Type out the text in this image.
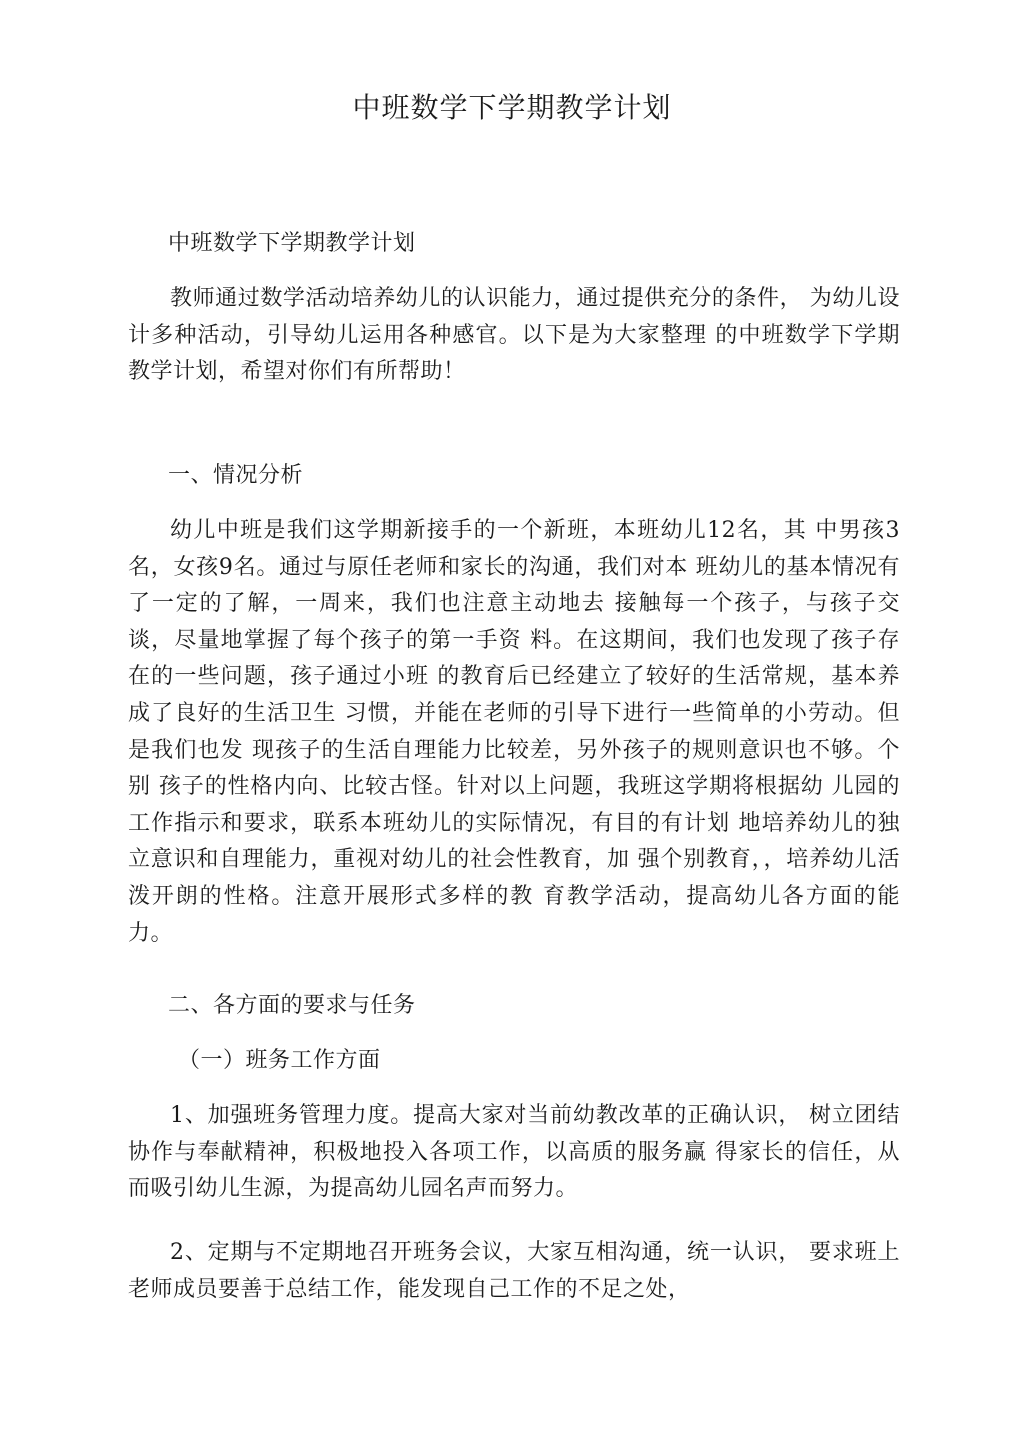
中班数学下学期教学计划

中班数学下学期教学计划

教师通过数学活动培养幼儿的认识能力，通过提供充分的条件， 为幼儿设计多种活动，引导幼儿运用各种感官。以下是为大家整理 的中班数学下学期教学计划，希望对你们有所帮助！

一、情况分析

幼儿中班是我们这学期新接手的一个新班，本班幼儿12名，其 中男孩3名，女孩9名。通过与原任老师和家长的沟通，我们对本 班幼儿的基本情况有了一定的了解，一周来，我们也注意主动地去 接触每一个孩子，与孩子交谈，尽量地掌握了每个孩子的第一手资 料。在这期间，我们也发现了孩子存在的一些问题，孩子通过小班 的教育后已经建立了较好的生活常规，基本养成了良好的生活卫生 习惯，并能在老师的引导下进行一些简单的小劳动。但是我们也发 现孩子的生活自理能力比较差，另外孩子的规则意识也不够。个别 孩子的性格内向、比较古怪。针对以上问题，我班这学期将根据幼 儿园的工作指示和要求，联系本班幼儿的实际情况，有目的有计划 地培养幼儿的独立意识和自理能力，重视对幼儿的社会性教育，加 强个别教育，，培养幼儿活泼开朗的性格。注意开展形式多样的教 育教学活动，提高幼儿各方面的能力。

二、各方面的要求与任务

（一）班务工作方面

1、加强班务管理力度。提高大家对当前幼教改革的正确认识， 树立团结协作与奉献精神，积极地投入各项工作，以高质的服务赢 得家长的信任，从而吸引幼儿生源，为提高幼儿园名声而努力。

2、定期与不定期地召开班务会议，大家互相沟通，统一认识， 要求班上老师成员要善于总结工作，能发现自己工作的不足之处，
